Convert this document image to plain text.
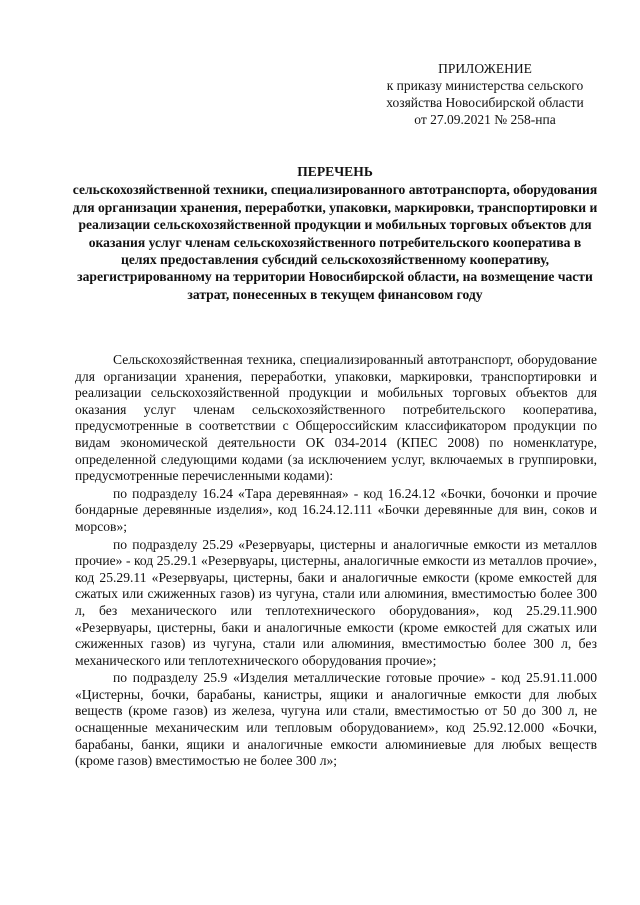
ПРИЛОЖЕНИЕ
к приказу министерства сельского
хозяйства Новосибирской области
от 27.09.2021 № 258-нпа
ПЕРЕЧЕНЬ
сельскохозяйственной техники, специализированного автотранспорта, оборудования для организации хранения, переработки, упаковки, маркировки, транспортировки и реализации сельскохозяйственной продукции и мобильных торговых объектов для оказания услуг членам сельскохозяйственного потребительского кооператива в целях предоставления субсидий сельскохозяйственному кооперативу, зарегистрированному на территории Новосибирской области, на возмещение части затрат, понесенных в текущем финансовом году

Сельскохозяйственная техника, специализированный автотранспорт, оборудование для организации хранения, переработки, упаковки, маркировки, транспортировки и реализации сельскохозяйственной продукции и мобильных торговых объектов для оказания услуг членам сельскохозяйственного потребительского кооператива, предусмотренные в соответствии с Общероссийским классификатором продукции по видам экономической деятельности ОК 034-2014 (КПЕС 2008) по номенклатуре, определенной следующими кодами (за исключением услуг, включаемых в группировки, предусмотренные перечисленными кодами):

по подразделу 16.24 «Тара деревянная» - код 16.24.12 «Бочки, бочонки и прочие бондарные деревянные изделия», код 16.24.12.111 «Бочки деревянные для вин, соков и морсов»;

по подразделу 25.29 «Резервуары, цистерны и аналогичные емкости из металлов прочие» - код 25.29.1 «Резервуары, цистерны, аналогичные емкости из металлов прочие», код 25.29.11 «Резервуары, цистерны, баки и аналогичные емкости (кроме емкостей для сжатых или сжиженных газов) из чугуна, стали или алюминия, вместимостью более 300 л, без механического или теплотехнического оборудования», код 25.29.11.900 «Резервуары, цистерны, баки и аналогичные емкости (кроме емкостей для сжатых или сжиженных газов) из чугуна, стали или алюминия, вместимостью более 300 л, без механического или теплотехнического оборудования прочие»;

по подразделу 25.9 «Изделия металлические готовые прочие» - код 25.91.11.000 «Цистерны, бочки, барабаны, канистры, ящики и аналогичные емкости для любых веществ (кроме газов) из железа, чугуна или стали, вместимостью от 50 до 300 л, не оснащенные механическим или тепловым оборудованием», код 25.92.12.000 «Бочки, барабаны, банки, ящики и аналогичные емкости алюминиевые для любых веществ (кроме газов) вместимостью не более 300 л»;
